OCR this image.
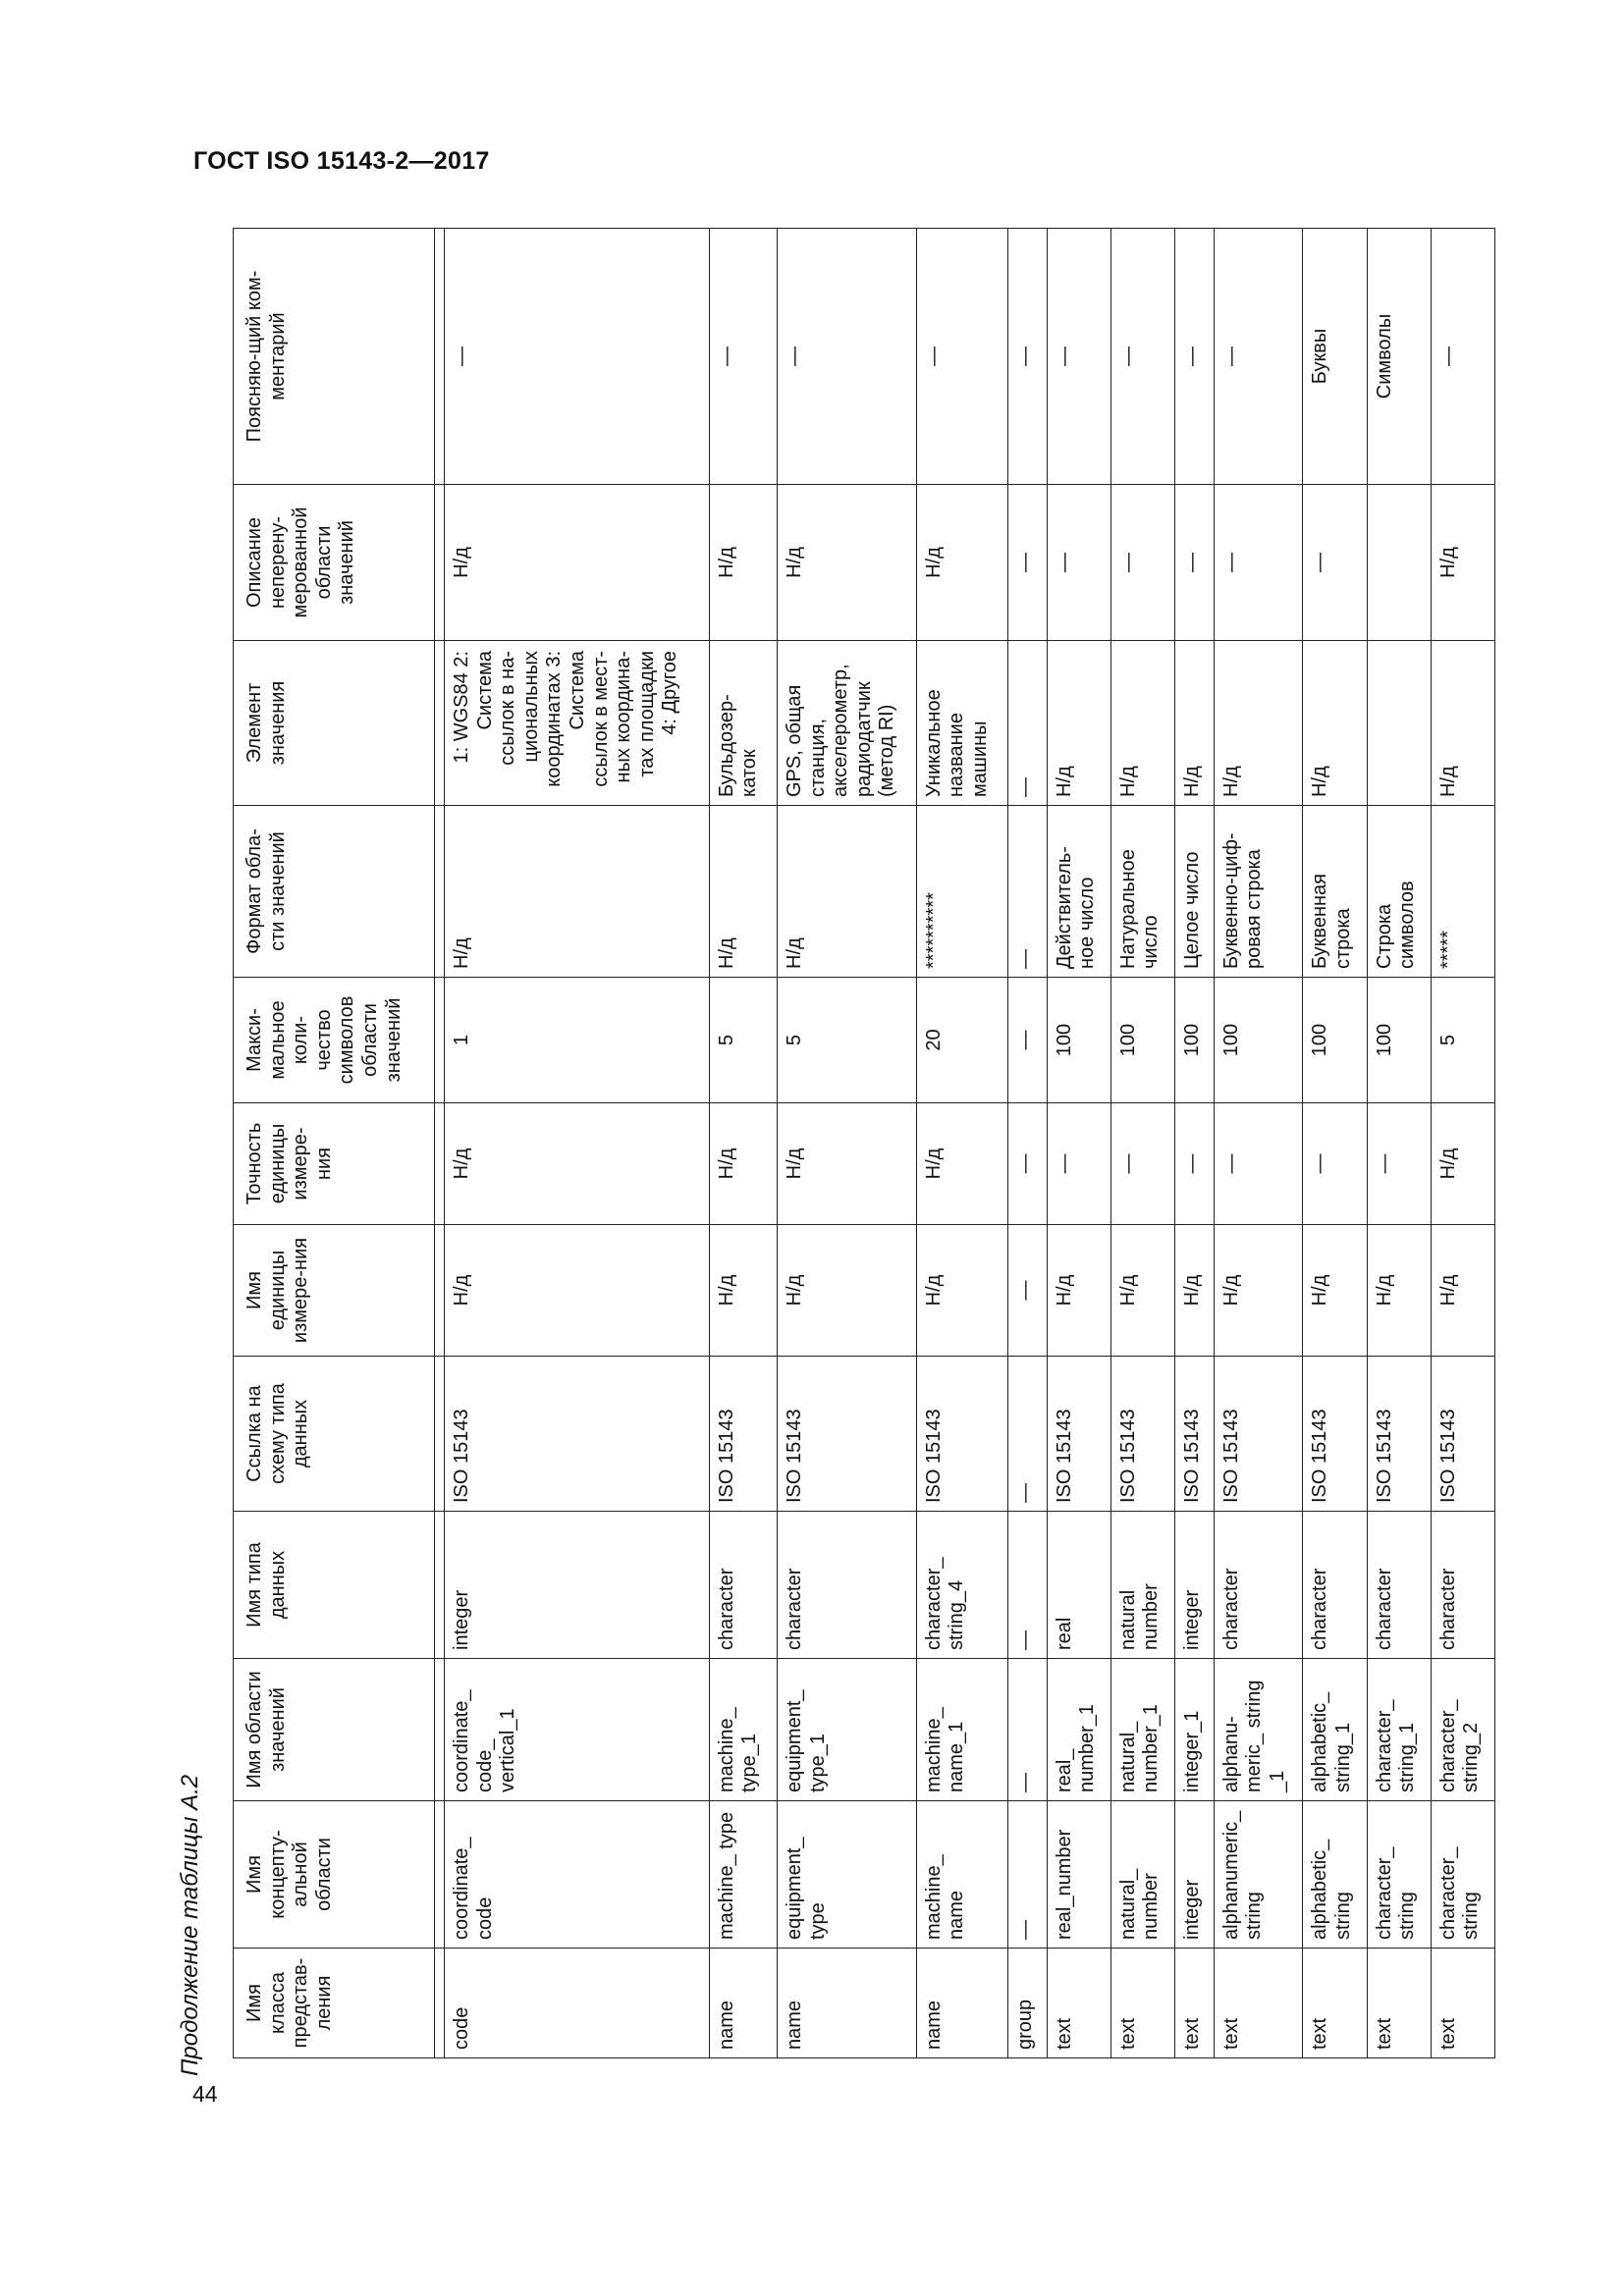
ГОСТ ISO 15143-2—2017
Продолжение таблицы А.2
44
Имя класса представ-ления	Имя концепту-альной области	Имя области значений	Имя типа данных	Ссылка на схему типа данных	Имя единицы измере-ния	Точность единицы измере-ния	Макси-мальное коли-чество символов области значений	Формат обла-сти значений	Элемент значения	Описание неперену-мерованной области значений	Поясняю-щий ком-ментарий

code	coordinate_ code	coordinate_ code_ vertical_1	integer	ISO 15143	Н/д	Н/д	1	Н/д	1: WGS84 2: Система ссылок в на-циональных координатах 3: Система ссылок в мест-ных координа-тах площадки 4: Другое	Н/д	—
name	machine_ type	machine_ type_1	character	ISO 15143	Н/д	Н/д	5	Н/д	Бульдозер-каток	Н/д	—
name	equipment_ type	equipment_ type_1	character	ISO 15143	Н/д	Н/д	5	Н/д	GPS, общая станция, акселерометр, радиодатчик (метод RI)	Н/д	—
name	machine_ name	machine_ name_1	character_ string_4	ISO 15143	Н/д	Н/д	20	**********	Уникальное название машины	Н/д	—
group	—	—	—	—	—	—	—	—	—	—	—
text	real_number	real_ number_1	real	ISO 15143	Н/д	—	100	Действитель-ное число	Н/д	—	—
text	natural_ number	natural_ number_1	natural number	ISO 15143	Н/д	—	100	Натуральное число	Н/д	—	—
text	integer	integer_1	integer	ISO 15143	Н/д	—	100	Целое число	Н/д	—	—
text	alphanumeric_ string	alphanu-meric_ string _1	character	ISO 15143	Н/д	—	100	Буквенно-циф-ровая строка	Н/д	—	—
text	alphabetic_ string	alphabetic_ string_1	character	ISO 15143	Н/д	—	100	Буквенная строка	Н/д	—	Буквы
text	character_ string	character_ string_1	character	ISO 15143	Н/д	—	100	Строка символов			Символы
text	character_ string	character_ string_2	character	ISO 15143	Н/д	Н/д	5	*****	Н/д	Н/д	—
